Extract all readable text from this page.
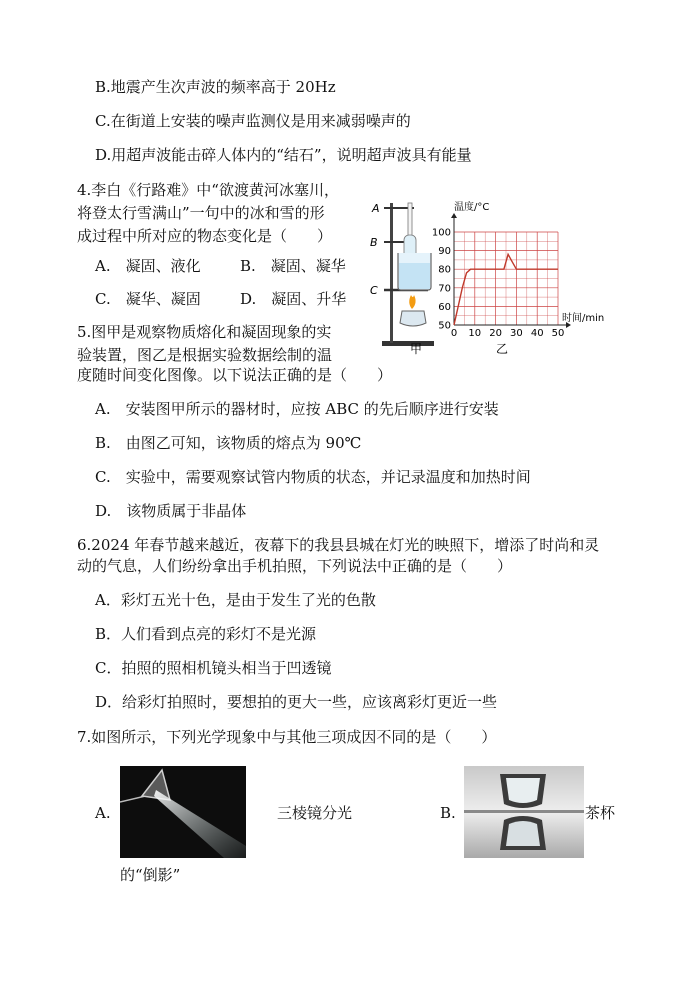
B.地震产生次声波的频率高于 20Hz
C.在街道上安装的噪声监测仪是用来减弱噪声的
D.用超声波能击碎人体内的“结石”，说明超声波具有能量
4.李白《行路难》中“欲渡黄河冰塞川，
将登太行雪满山”一句中的冰和雪的形
成过程中所对应的物态变化是（　　）
A.　凝固、液化	B.　凝固、凝华
C.　凝华、凝固	D.　凝固、升华
5.图甲是观察物质熔化和凝固现象的实
验装置，图乙是根据实验数据绘制的温
度随时间变化图像。以下说法正确的是（　　）
A
B
C
甲
0 10 20 30 40 50
50
60
70
80
90
100
温度/°C
时间/min
乙
A.　安装图甲所示的器材时，应按 ABC 的先后顺序进行安装
B.　由图乙可知，该物质的熔点为 90℃
C.　实验中，需要观察试管内物质的状态，并记录温度和加热时间
D.　该物质属于非晶体
6.2024 年春节越来越近，夜幕下的我县县城在灯光的映照下，增添了时尚和灵
动的气息，人们纷纷拿出手机拍照，下列说法中正确的是（　　）
A．彩灯五光十色，是由于发生了光的色散
B．人们看到点亮的彩灯不是光源
C．拍照的照相机镜头相当于凹透镜
D．给彩灯拍照时，要想拍的更大一些，应该离彩灯更近一些
7.如图所示，下列光学现象中与其他三项成因不同的是（　　）
A.	三棱镜分光	B.	茶杯
的“倒影”
